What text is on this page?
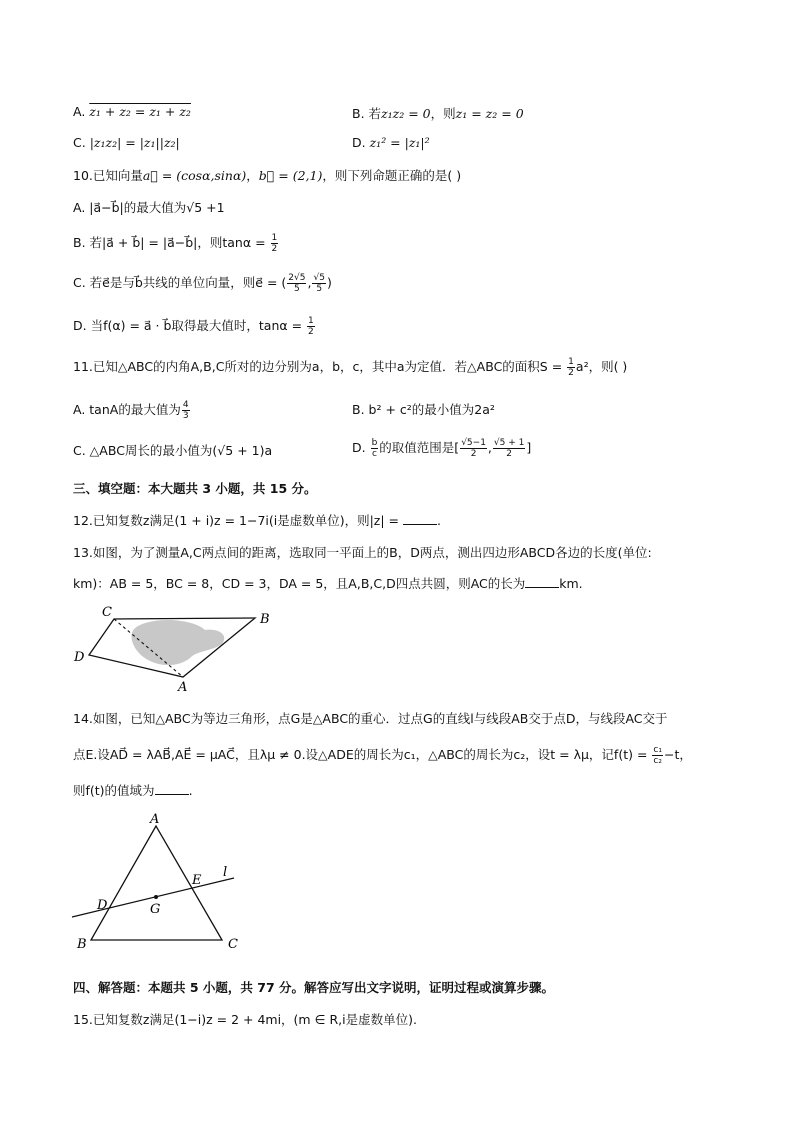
A. z₁ + z₂ = z₁ + z₂	B. 若z₁z₂ = 0，则z₁ = z₂ = 0
C. |z₁z₂| = |z₁||z₂|	D. z₁² = |z₁|²
10.已知向量a⃗ = (cosα,sinα)，b⃗ = (2,1)，则下列命题正确的是( )
A. |a⃗−b⃗|的最大值为√5 +1
B. 若|a⃗ + b⃗| = |a⃗−b⃗|，则$\tan\alpha = \frac{1}{2}$
C. 若e⃗是与b⃗共线的单位向量，则e⃗ = ( $\frac{2√5}{5}$ , $\frac{√5}{5}$ )
D. 当f(α) = a⃗ · b⃗取得最大值时，$\tan\alpha = \frac{1}{2}$
11.已知△ABC的内角A,B,C所对的边分别为a，b，c，其中a为定值．若△ABC的面积$S = \frac{1}{2} a^2$，则( )
A. tanA的最大值为 $\frac{4}{3}$	B. b² + c²的最小值为2a²
C. △ABC周长的最小值为(√5 + 1)a	D. $\frac{b}{c}$ 的取值范围是[ $\frac{√5-1}{2}$ , $\frac{√5 + 1}{2}$ ]
三、填空题：本大题共 3 小题，共 15 分。
12.已知复数z满足(1 + i)z = 1−7i(i是虚数单位)，则|z| =	.
13.如图，为了测量A,C两点间的距离，选取同一平面上的B，D两点，测出四边形ABCD各边的长度(单位:
km)：AB = 5，BC = 8，CD = 3，DA = 5，且A,B,C,D四点共圆，则AC的长为	km.
C	B
D
A
14.如图，已知△ABC为等边三角形，点G是△ABC的重心．过点G的直线l与线段AB交于点D，与线段AC交于
点E.设AD⃗ = λAB⃗,AE⃗ = μAC⃗，且λμ ≠ 0.设△ADE的周长为c₁，△ABC的周长为c₂，设t = λμ，记$f(t) = \frac{\text{c₁}}{\text{c₂}} -t$，
则f(t)的值域为	.
A
B	C
D
E
G
l
四、解答题：本题共 5 小题，共 77 分。解答应写出文字说明，证明过程或演算步骤。
15.已知复数z满足(1−i)z = 2 + 4mi，(m ∈ R,i是虚数单位).
